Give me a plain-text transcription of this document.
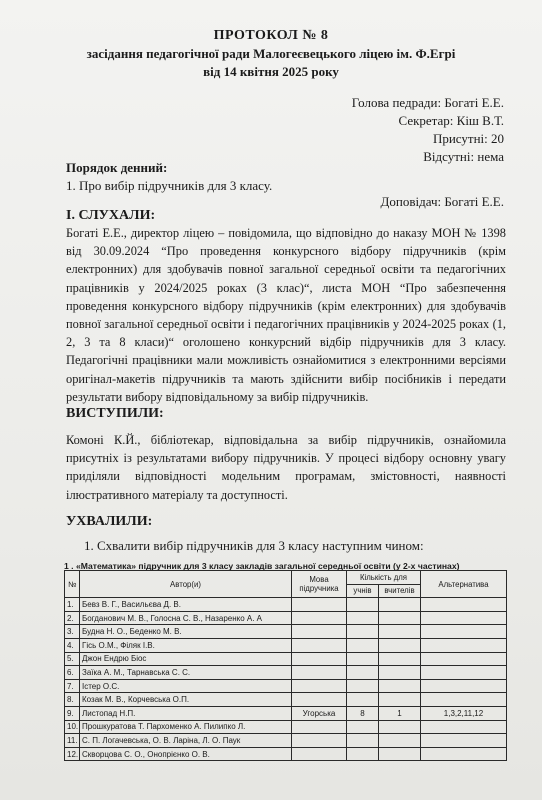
ПРОТОКОЛ № 8
засідання педагогічної ради Малогеєвецького ліцею ім. Ф.Егрі
від 14 квітня 2025 року
Голова педради: Богаті Е.Е.
Секретар: Кіш В.Т.
Присутні: 20
Відсутні: нема
Порядок денний:
1. Про вибір підручників для 3 класу.
Доповідач: Богаті Е.Е.
І. СЛУХАЛИ:
Богаті Е.Е., директор ліцею – повідомила, що відповідно до наказу МОН № 1398 від 30.09.2024 “Про проведення конкурсного відбору підручників (крім електронних) для здобувачів повної загальної середньої освіти та педагогічних працівників у 2024/2025 роках (3 клас)“, листа МОН “Про забезпечення проведення конкурсного відбору підручників (крім електронних) для здобувачів повної загальної середньої освіти і педагогічних працівників у 2024-2025 роках (1, 2, 3 та 8 класи)“ оголошено конкурсний відбір підручників для 3 класу. Педагогічні працівники мали можливість ознайомитися з електронними версіями оригінал-макетів підручників та мають здійснити вибір посібників і передати результати вибору відповідальному за вибір підручників.
ВИСТУПИЛИ:
Комоні К.Й., бібліотекар, відповідальна за вибір підручників, ознайомила присутніх із результатами вибору підручників. У процесі відбору основну увагу приділяли відповідності модельним програмам, змістовності, наявності ілюстративного матеріалу та доступності.
УХВАЛИЛИ:
1. Схвалити вибір підручників для 3 класу наступним чином:
1 . «Математика» підручник для 3 класу закладів загальної середньої освіти (у 2-х частинах)
№	Автор(и)	Мова підручника	Кількість для		Альтернатива
			учнів	вчителів	
1.	Бевз В. Г., Васильєва Д. В.				
2.	Богданович М. В., Голосна С. В., Назаренко А. А				
3.	Будна Н. О., Беденко М. В.				
4.	Гісь О.М., Філяк І.В.				
5.	Джон Ендрю Біос				
6.	Заїка А. М., Тарнавська С. С.				
7.	Істер О.С.				
8.	Козак М. В., Корчевська О.П.				
9.	Листопад Н.П.	Угорська	8	1	1,3,2,11,12
10.	Прошкуратова Т. Пархоменко А. Пилипко Л.				
11.	С. П. Логачевська, О. В. Ларіна, Л. О. Паук				
12.	Скворцова С. О., Онопрієнко О. В.				
